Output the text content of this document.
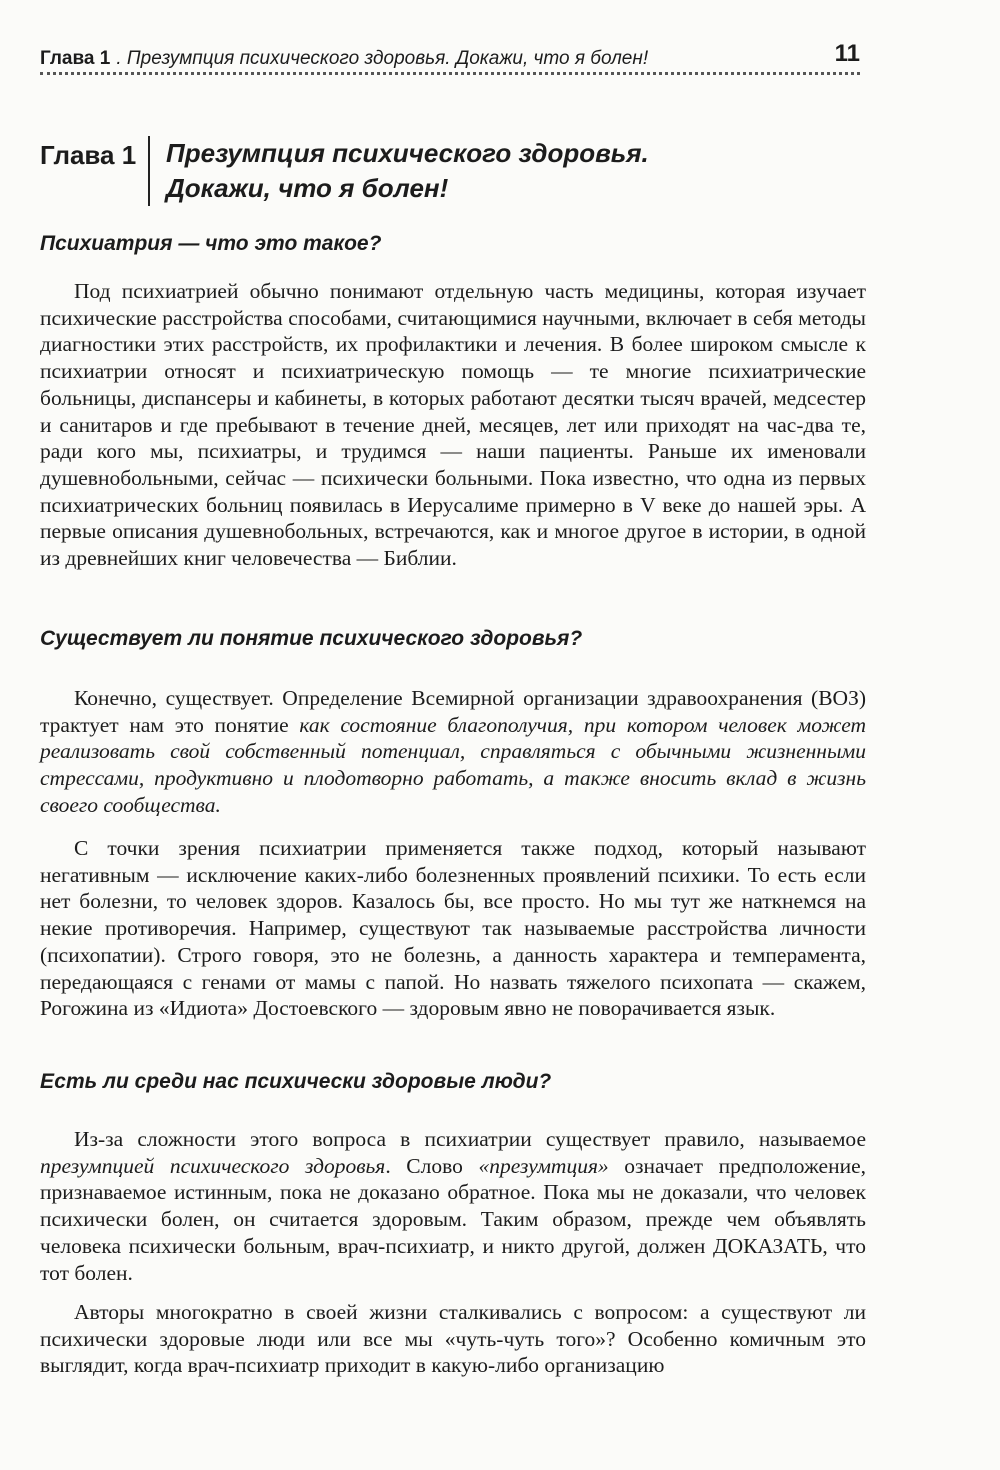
Глава 1 . Презумпция психического здоровья. Докажи, что я болен!	11
Глава 1	Презумпция психического здоровья.
Докажи, что я болен!
Психиатрия — что это такое?

Под психиатрией обычно понимают отдельную часть медицины, которая изучает психические расстройства способами, считающимися научными, включает в себя методы диагностики этих расстройств, их профилактики и лечения. В более широком смысле к психиатрии относят и психиатрическую помощь — те многие психиатрические больницы, диспансеры и кабинеты, в которых работают десятки тысяч врачей, медсестер и санитаров и где пребывают в течение дней, месяцев, лет или приходят на час-два те, ради кого мы, психиатры, и трудимся — наши пациенты. Раньше их именовали душевнобольными, сейчас — психически больными. Пока известно, что одна из первых психиатрических больниц появилась в Иерусалиме примерно в V веке до нашей эры. А первые описания душевнобольных, встречаются, как и многое другое в истории, в одной из древнейших книг человечества — Библии.

Существует ли понятие психического здоровья?

Конечно, существует. Определение Всемирной организации здравоохранения (ВОЗ) трактует нам это понятие как состояние благополучия, при котором человек может реализовать свой собственный потенциал, справляться с обычными жизненными стрессами, продуктивно и плодотворно работать, а также вносить вклад в жизнь своего сообщества.

С точки зрения психиатрии применяется также подход, который называют негативным — исключение каких-либо болезненных проявлений психики. То есть если нет болезни, то человек здоров. Казалось бы, все просто. Но мы тут же наткнемся на некие противоречия. Например, существуют так называемые расстройства личности (психопатии). Строго говоря, это не болезнь, а данность характера и темперамента, передающаяся с генами от мамы с папой. Но назвать тяжелого психопата — скажем, Рогожина из «Идиота» Достоевского — здоровым явно не поворачивается язык.

Есть ли среди нас психически здоровые люди?

Из-за сложности этого вопроса в психиатрии существует правило, называемое презумпцией психического здоровья. Слово «презумтция» означает предположение, признаваемое истинным, пока не доказано обратное. Пока мы не доказали, что человек психически болен, он считается здоровым. Таким образом, прежде чем объявлять человека психически больным, врач-психиатр, и никто другой, должен ДОКАЗАТЬ, что тот болен.

Авторы многократно в своей жизни сталкивались с вопросом: а существуют ли психически здоровые люди или все мы «чуть-чуть того»? Особенно комичным это выглядит, когда врач-психиатр приходит в какую-либо организацию
